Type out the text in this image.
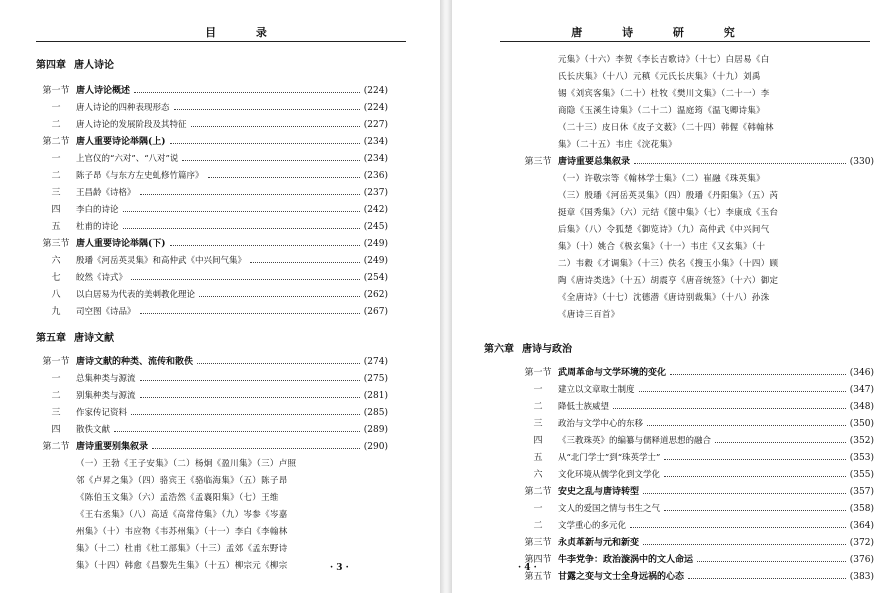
目 录
第四章 唐人诗论
第一节 唐人诗论概述	(224)
一	唐人诗论的四种表现形态	(224)
二	唐人诗论的发展阶段及其特征	(227)
第二节 唐人重要诗论举隅(上)	(234)
一	上官仪的“六对”、“八对”说	(234)
二	陈子昂《与东方左史虬修竹篇序》	(236)
三	王昌龄《诗格》	(237)
四	李白的诗论	(242)
五	杜甫的诗论	(245)
第三节 唐人重要诗论举隅(下)	(249)
六	殷璠《河岳英灵集》和高仲武《中兴间气集》	(249)
七	皎然《诗式》	(254)
八	以白居易为代表的美刺教化理论	(262)
九	司空图《诗品》	(267)
第五章 唐诗文献
第一节 唐诗文献的种类、流传和散佚	(274)
一	总集种类与源流	(275)
二	别集种类与源流	(281)
三	作家传记资料	(285)
四	散佚文献	(289)
第二节 唐诗重要别集叙录	(290)
（一）王勃《王子安集》（二）杨炯《盈川集》（三）卢照
邻《卢昇之集》（四）骆宾王《骆临海集》（五）陈子昂
《陈伯玉文集》（六）孟浩然《孟襄阳集》（七）王维
《王右丞集》（八）高适《高常侍集》（九）岑参《岑嘉
州集》（十）韦应物《韦苏州集》（十一）李白《李翰林
集》（十二）杜甫《杜工部集》（十三）孟郊《孟东野诗
集》（十四）韩愈《昌黎先生集》（十五）柳宗元《柳宗	· 3 ·
唐 诗 研 究
元集》（十六）李贺《李长吉歌诗》（十七）白居易《白
氏长庆集》（十八）元稹《元氏长庆集》（十九）刘禹
锡《刘宾客集》（二十）杜牧《樊川文集》（二十一）李
商隐《玉溪生诗集》（二十二）温庭筠《温飞卿诗集》
（二十三）皮日休《皮子文薮》（二十四）韩偓《韩翰林
集》（二十五）韦庄《浣花集》
第三节 唐诗重要总集叙录	(330)
（一）许敬宗等《翰林学士集》（二）崔融《珠英集》
（三）殷璠《河岳英灵集》（四）殷璠《丹阳集》（五）芮
挺章《国秀集》（六）元结《箧中集》（七）李康成《玉台
后集》（八）令狐楚《御览诗》（九）高仲武《中兴间气
集》（十）姚合《极玄集》（十一）韦庄《又玄集》（十
二）韦縠《才调集》（十三）佚名《搜玉小集》（十四）顾
陶《唐诗类选》（十五）胡震亨《唐音统签》（十六）御定
《全唐诗》（十七）沈德潜《唐诗别裁集》（十八）孙洙
《唐诗三百首》
第六章 唐诗与政治
第一节 武周革命与文学环境的变化	(346)
一	建立以文章取士制度	(347)
二	降低士族威望	(348)
三	政治与文学中心的东移	(350)
四	《三教珠英》的编纂与儒释道思想的融合	(352)
五	从“北门学士”到“珠英学士”	(353)
六	文化环境从儒学化到文学化	(355)
第二节 安史之乱与唐诗转型	(357)
一	文人的爱国之情与书生之气	(358)
二	文学重心的多元化	(364)
第三节 永贞革新与元和新变	(372)
第四节 牛李党争：政治漩涡中的文人命运	(376)
第五节 甘露之变与文士全身远祸的心态	(383)
· 4 ·
